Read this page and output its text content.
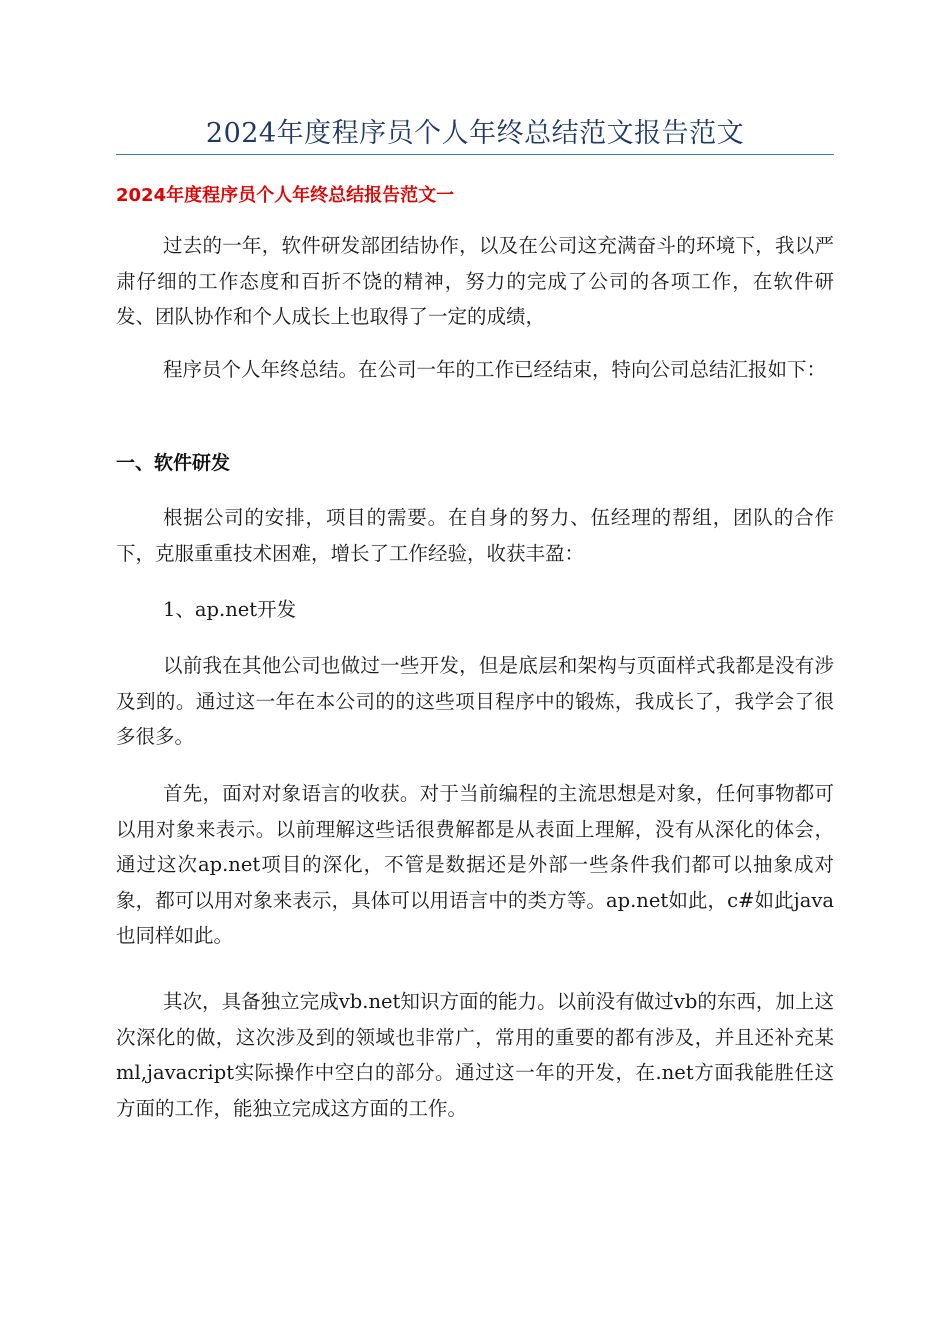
2024年度程序员个人年终总结范文报告范文
2024年度程序员个人年终总结报告范文一

过去的一年，软件研发部团结协作，以及在公司这充满奋斗的环境下，我以严肃仔细的工作态度和百折不饶的精神，努力的完成了公司的各项工作，在软件研发、团队协作和个人成长上也取得了一定的成绩，

程序员个人年终总结。在公司一年的工作已经结束，特向公司总结汇报如下：

一、软件研发

根据公司的安排，项目的需要。在自身的努力、伍经理的帮组，团队的合作下，克服重重技术困难，增长了工作经验，收获丰盈：

1、ap.net开发

以前我在其他公司也做过一些开发，但是底层和架构与页面样式我都是没有涉及到的。通过这一年在本公司的的这些项目程序中的锻炼，我成长了，我学会了很多很多。

首先，面对对象语言的收获。对于当前编程的主流思想是对象，任何事物都可以用对象来表示。以前理解这些话很费解都是从表面上理解，没有从深化的体会，通过这次ap.net项目的深化，不管是数据还是外部一些条件我们都可以抽象成对象，都可以用对象来表示，具体可以用语言中的类方等。ap.net如此，c#如此java也同样如此。

其次，具备独立完成vb.net知识方面的能力。以前没有做过vb的东西，加上这次深化的做，这次涉及到的领域也非常广，常用的重要的都有涉及，并且还补充某ml,javacript实际操作中空白的部分。通过这一年的开发，在.net方面我能胜任这方面的工作，能独立完成这方面的工作。
